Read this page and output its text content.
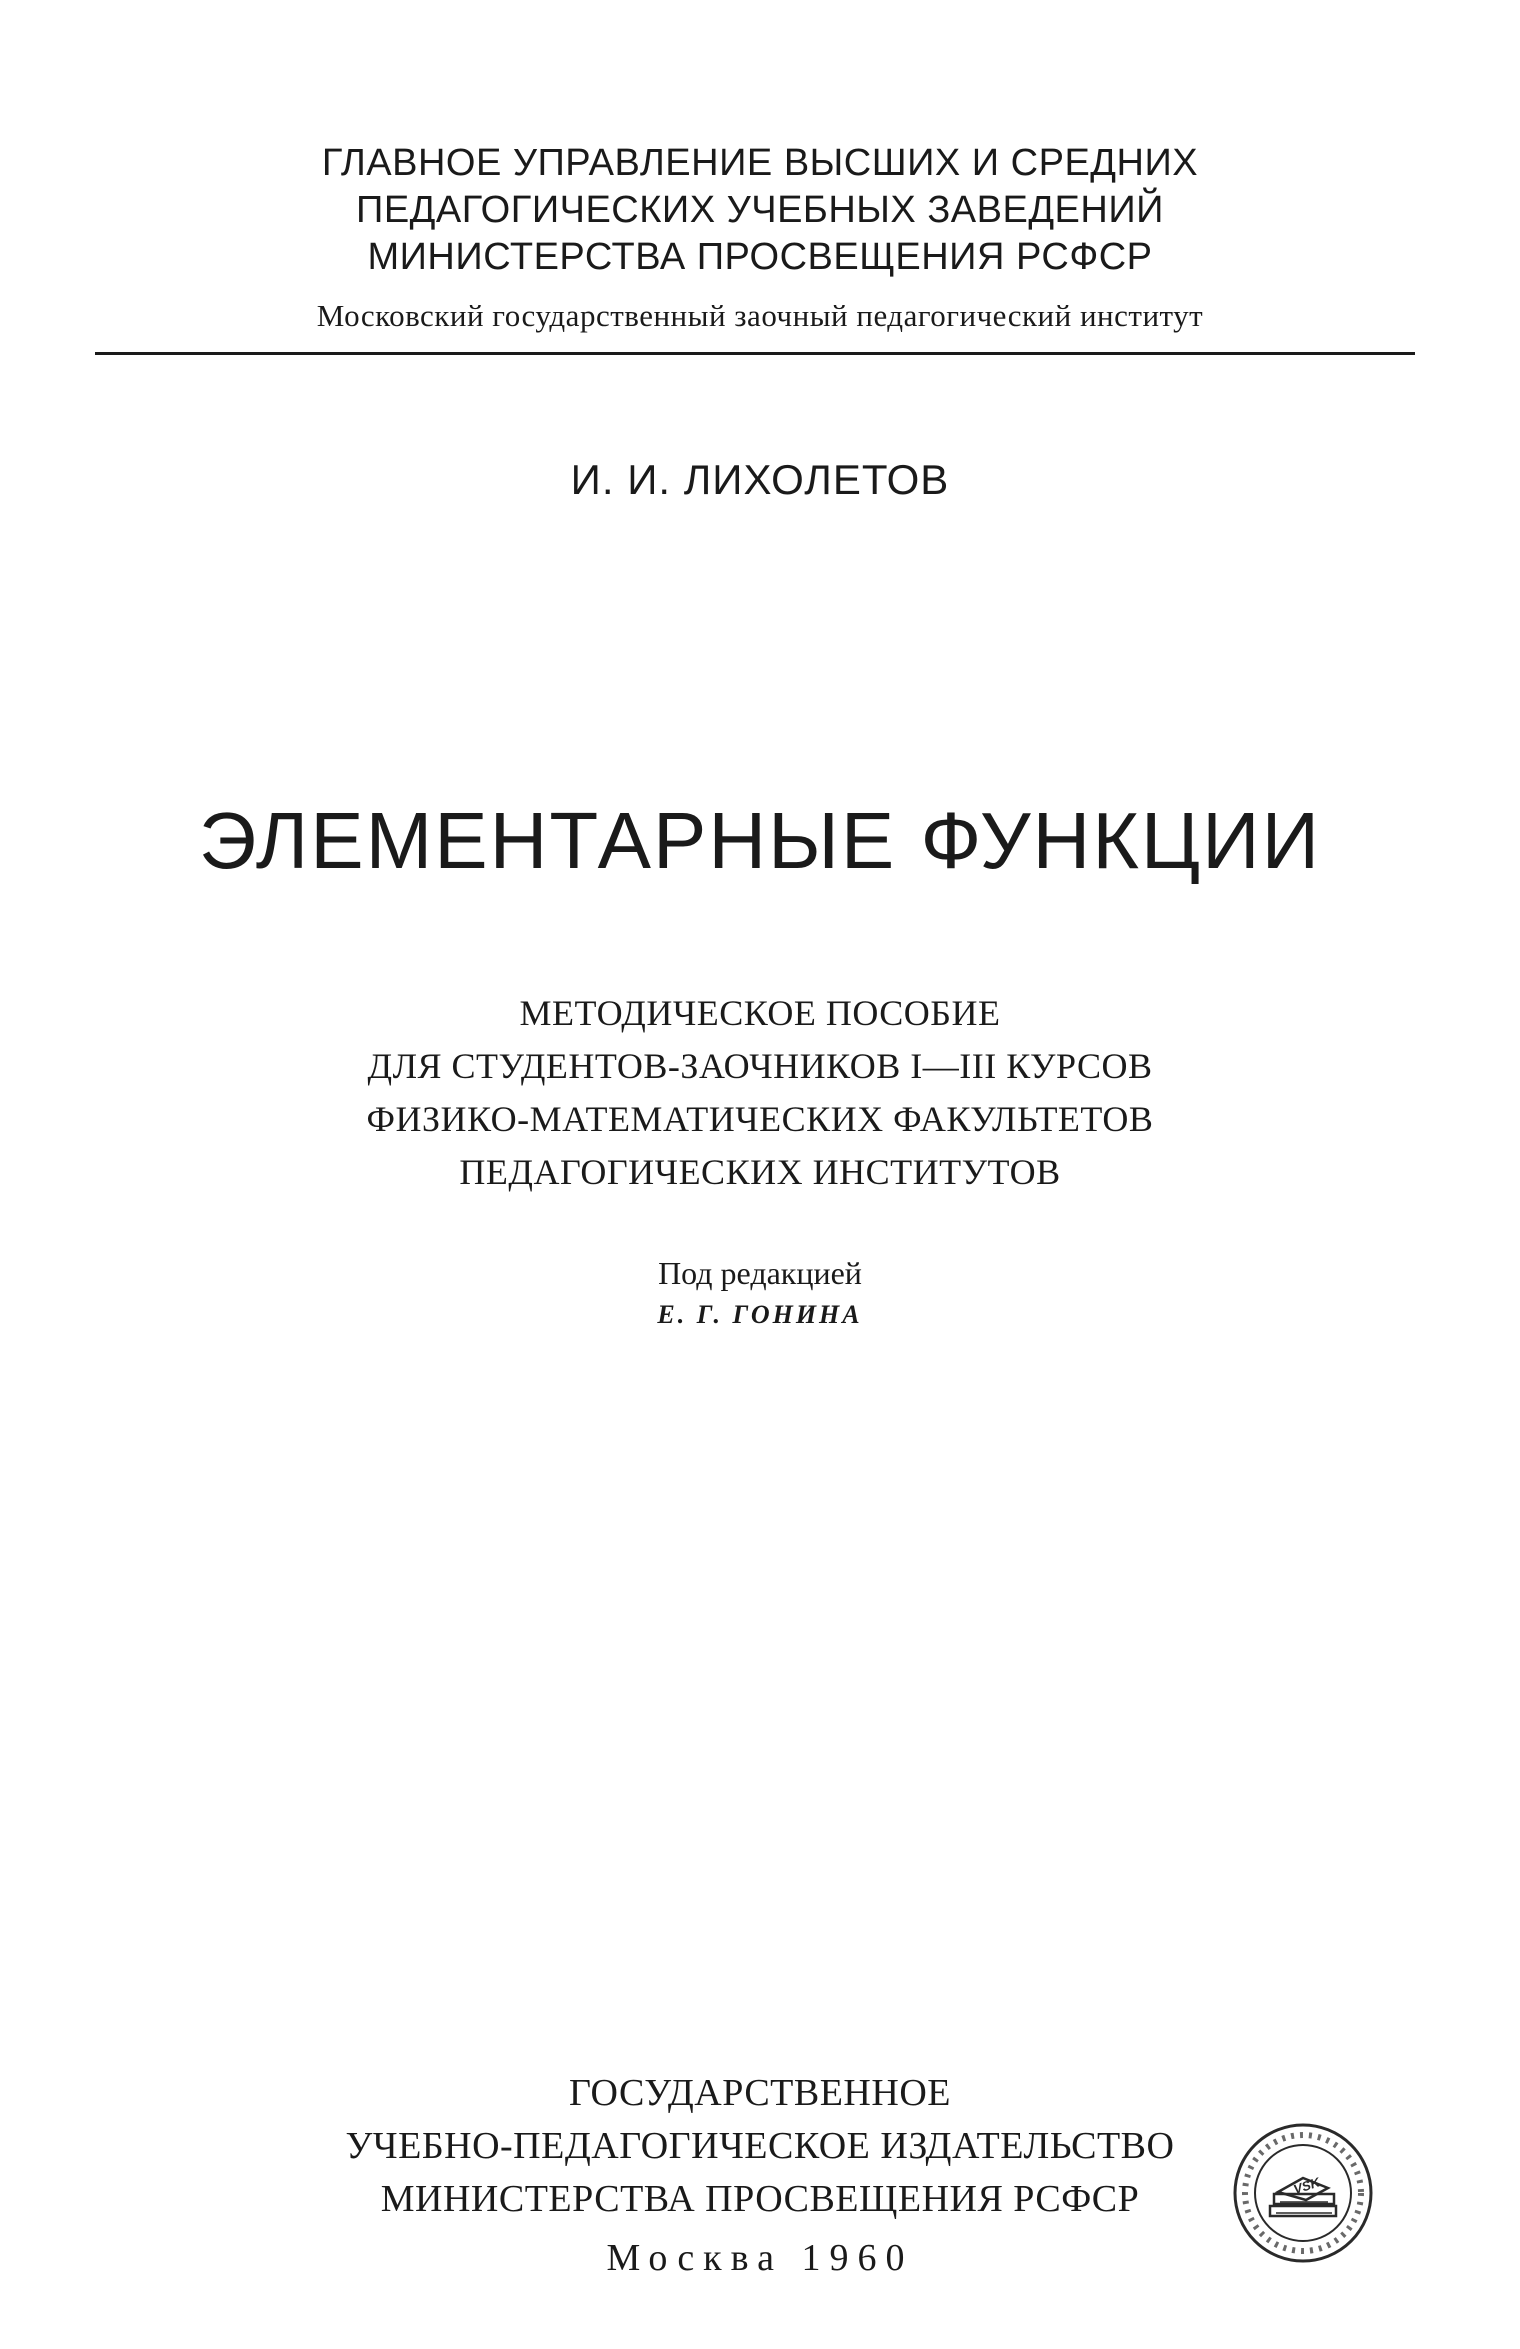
ГЛАВНОЕ УПРАВЛЕНИЕ ВЫСШИХ И СРЕДНИХ
ПЕДАГОГИЧЕСКИХ УЧЕБНЫХ ЗАВЕДЕНИЙ
МИНИСТЕРСТВА ПРОСВЕЩЕНИЯ РСФСР
Московский государственный заочный педагогический институт
И. И. ЛИХОЛЕТОВ
ЭЛЕМЕНТАРНЫЕ ФУНКЦИИ
МЕТОДИЧЕСКОЕ ПОСОБИЕ
ДЛЯ СТУДЕНТОВ-ЗАОЧНИКОВ I—III КУРСОВ
ФИЗИКО-МАТЕМАТИЧЕСКИХ ФАКУЛЬТЕТОВ
ПЕДАГОГИЧЕСКИХ ИНСТИТУТОВ
Под редакцией
Е. Г. ГОНИНА
ГОСУДАРСТВЕННОЕ
УЧЕБНО-ПЕДАГОГИЧЕСКОЕ ИЗДАТЕЛЬСТВО
МИНИСТЕРСТВА ПРОСВЕЩЕНИЯ РСФСР
Москва 1960
VSK
